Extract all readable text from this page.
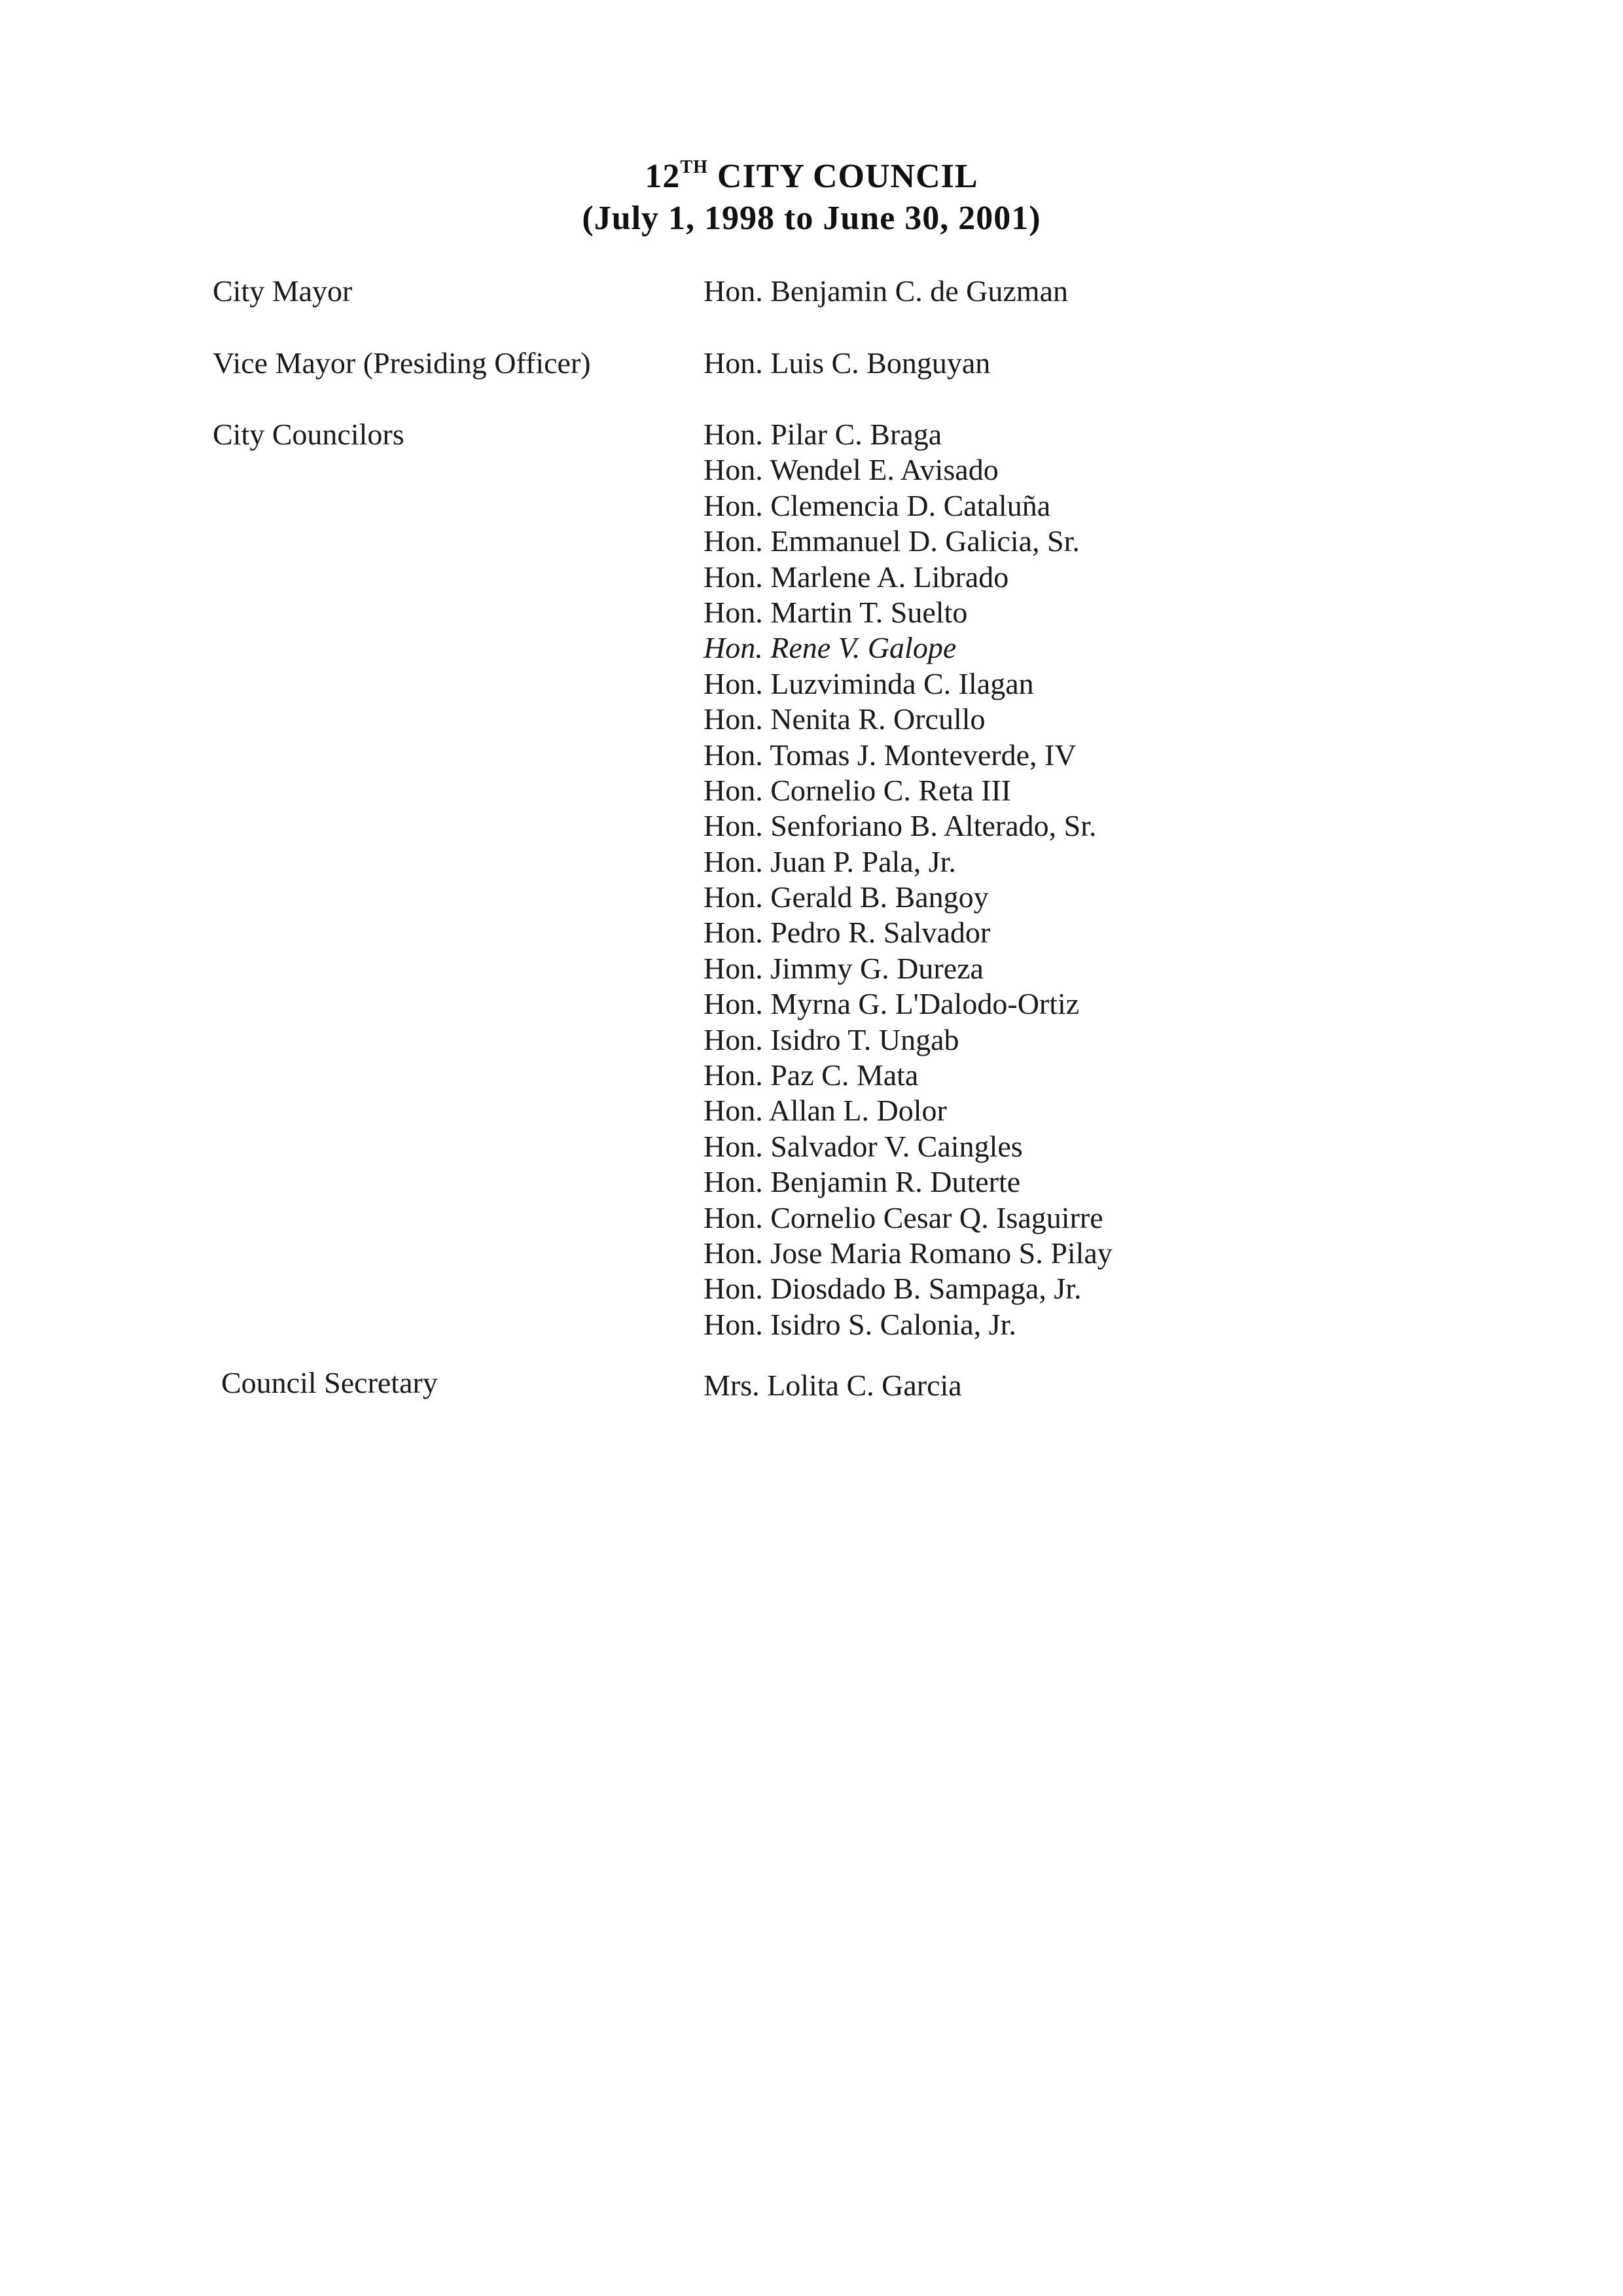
12TH CITY COUNCIL
(July 1, 1998 to June 30, 2001)
City Mayor	Hon. Benjamin C. de Guzman
Vice Mayor (Presiding Officer)	Hon. Luis C. Bonguyan
City Councilors	Hon. Pilar C. Braga
Hon. Wendel E. Avisado
Hon. Clemencia D. Cataluña
Hon. Emmanuel D. Galicia, Sr.
Hon. Marlene A. Librado
Hon. Martin T. Suelto
Hon. Rene V. Galope
Hon. Luzviminda C. Ilagan
Hon. Nenita R. Orcullo
Hon. Tomas J. Monteverde, IV
Hon. Cornelio C. Reta III
Hon. Senforiano B. Alterado, Sr.
Hon. Juan P. Pala, Jr.
Hon. Gerald B. Bangoy
Hon. Pedro R. Salvador
Hon. Jimmy G. Dureza
Hon. Myrna G. L'Dalodo-Ortiz
Hon. Isidro T. Ungab
Hon. Paz C. Mata
Hon. Allan L. Dolor
Hon. Salvador V. Caingles
Hon. Benjamin R. Duterte
Hon. Cornelio Cesar Q. Isaguirre
Hon. Jose Maria Romano S. Pilay
Hon. Diosdado B. Sampaga, Jr.
Hon. Isidro S. Calonia, Jr.
Council Secretary	Mrs. Lolita C. Garcia
